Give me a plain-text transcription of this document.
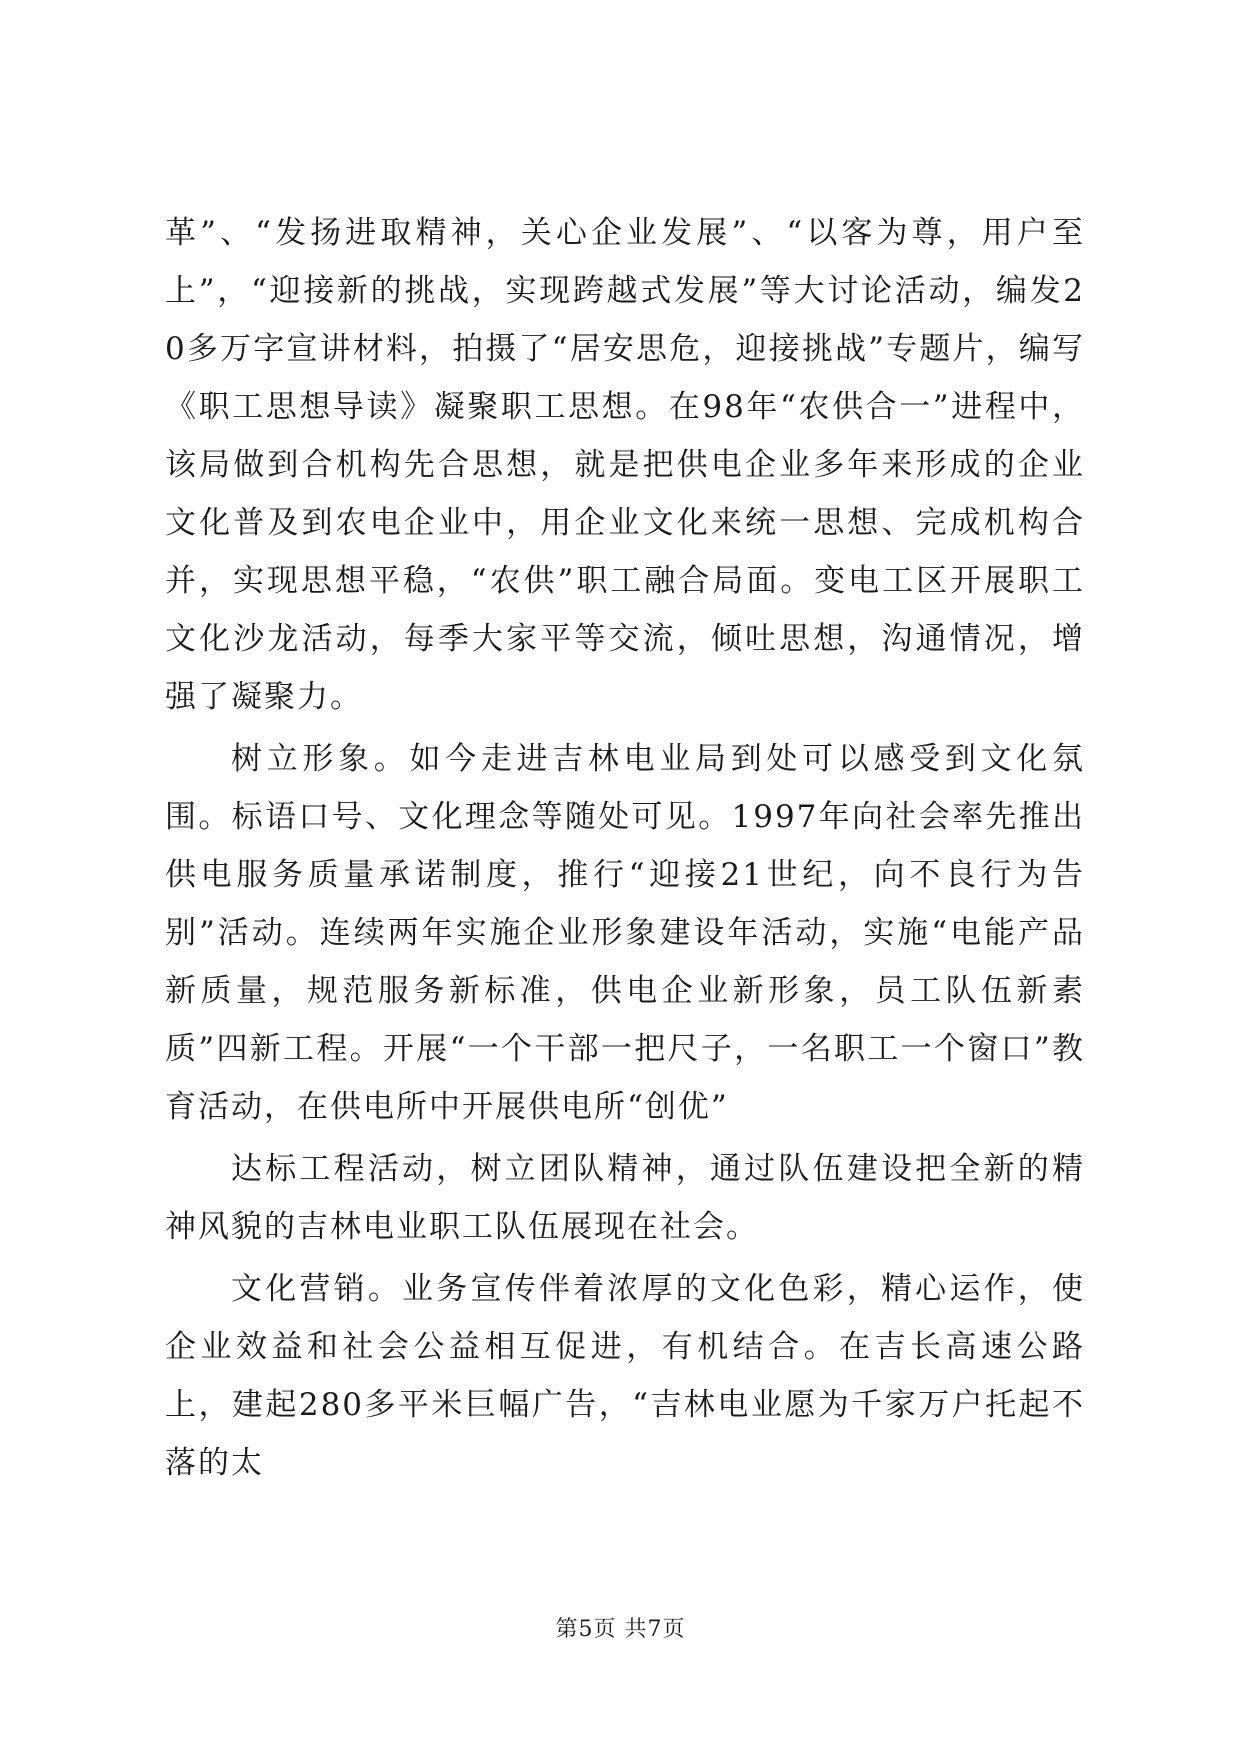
革”、“发扬进取精神，关心企业发展”、“以客为尊，用户至上”，“迎接新的挑战，实现跨越式发展”等大讨论活动，编发20多万字宣讲材料，拍摄了“居安思危，迎接挑战”专题片，编写《职工思想导读》凝聚职工思想。在98年“农供合一”进程中，该局做到合机构先合思想，就是把供电企业多年来形成的企业文化普及到农电企业中，用企业文化来统一思想、完成机构合并，实现思想平稳，“农供”职工融合局面。变电工区开展职工文化沙龙活动，每季大家平等交流，倾吐思想，沟通情况，增强了凝聚力。

树立形象。如今走进吉林电业局到处可以感受到文化氛围。标语口号、文化理念等随处可见。1997年向社会率先推出供电服务质量承诺制度，推行“迎接21世纪，向不良行为告别”活动。连续两年实施企业形象建设年活动，实施“电能产品新质量，规范服务新标准，供电企业新形象，员工队伍新素质”四新工程。开展“一个干部一把尺子，一名职工一个窗口”教育活动，在供电所中开展供电所“创优”

达标工程活动，树立团队精神，通过队伍建设把全新的精神风貌的吉林电业职工队伍展现在社会。

文化营销。业务宣传伴着浓厚的文化色彩，精心运作，使企业效益和社会公益相互促进，有机结合。在吉长高速公路上，建起280多平米巨幅广告，“吉林电业愿为千家万户托起不落的太

第5页 共7页
